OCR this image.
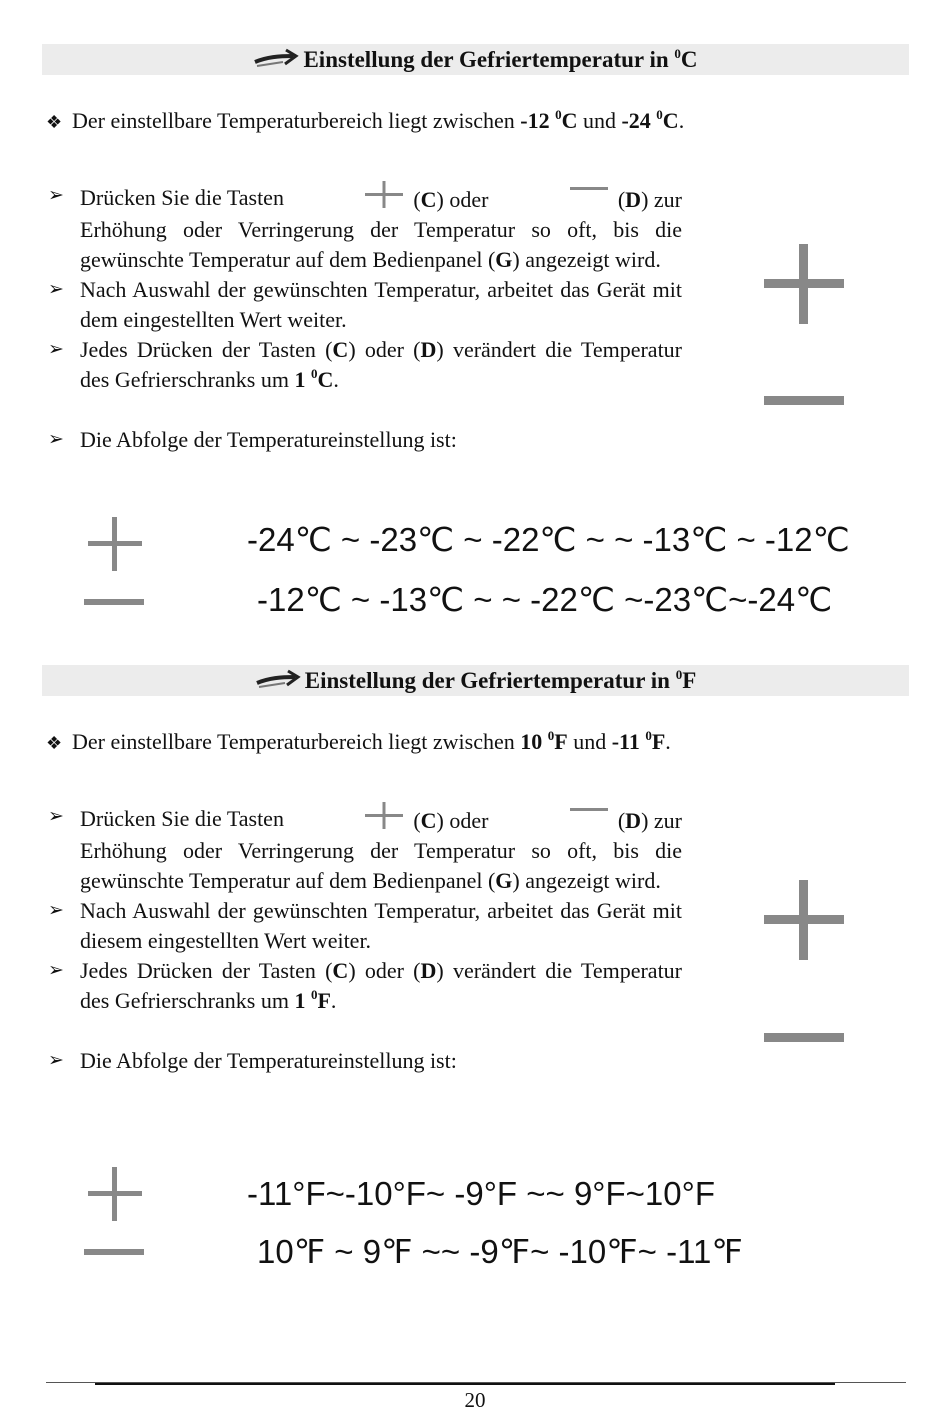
Einstellung der Gefriertemperatur in $^0$C
❖ Der einstellbare Temperaturbereich liegt zwischen -12 $^0$C und -24 $^0$C.
➢ Drücken Sie die Tasten	(C) oder	(D) zur
Erhöhung oder Verringerung der Temperatur so oft, bis die gewünschte Temperatur auf dem Bedienpanel (G) angezeigt wird.
➢ Nach Auswahl der gewünschten Temperatur, arbeitet das Gerät mit dem eingestellten Wert weiter.
➢ Jedes Drücken der Tasten (C) oder (D) verändert die Temperatur des Gefrierschranks um 1 $^0$C.
➢ Die Abfolge der Temperatureinstellung ist:
-24℃ ~ -23℃ ~ -22℃ ~ ~ -13℃ ~ -12℃
-12℃ ~ -13℃ ~ ~ -22℃ ~-23℃~-24℃
Einstellung der Gefriertemperatur in $^0$F
❖ Der einstellbare Temperaturbereich liegt zwischen 10 $^0$F und -11 $^0$F.
➢ Drücken Sie die Tasten	(C) oder	(D) zur
Erhöhung oder Verringerung der Temperatur so oft, bis die gewünschte Temperatur auf dem Bedienpanel (G) angezeigt wird.
➢ Nach Auswahl der gewünschten Temperatur, arbeitet das Gerät mit diesem eingestellten Wert weiter.
➢ Jedes Drücken der Tasten (C) oder (D) verändert die Temperatur des Gefrierschranks um 1 $^0$F.
➢ Die Abfolge der Temperatureinstellung ist:
-11°F~-10°F~ -9°F ~~ 9°F~10°F
10℉ ~ 9℉ ~~ -9℉~ -10℉~ -11℉
20
